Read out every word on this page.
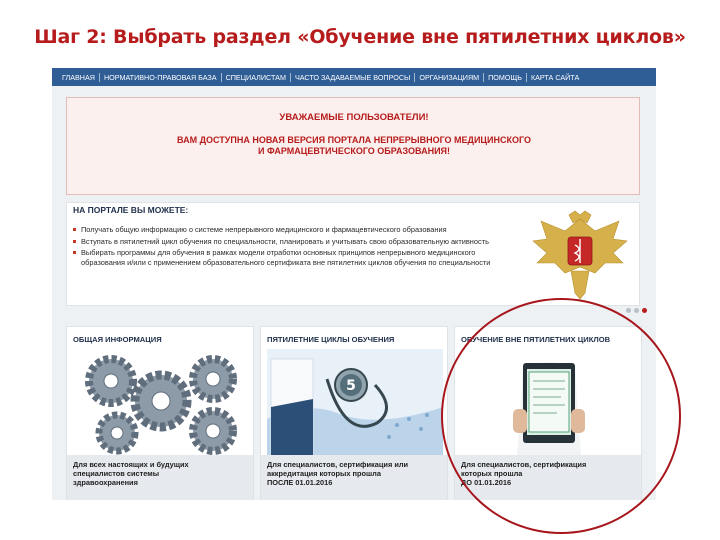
Шаг 2: Выбрать раздел «Обучение вне пятилетних циклов»
ГЛАВНАЯ	НОРМАТИВНО-ПРАВОВАЯ БАЗА	СПЕЦИАЛИСТАМ	ЧАСТО ЗАДАВАЕМЫЕ ВОПРОСЫ	ОРГАНИЗАЦИЯМ	ПОМОЩЬ	КАРТА САЙТА
УВАЖАЕМЫЕ ПОЛЬЗОВАТЕЛИ!
ВАМ ДОСТУПНА НОВАЯ ВЕРСИЯ ПОРТАЛА НЕПРЕРЫВНОГО МЕДИЦИНСКОГО
И ФАРМАЦЕВТИЧЕСКОГО ОБРАЗОВАНИЯ!
НА ПОРТАЛЕ ВЫ МОЖЕТЕ:
Получать общую информацию о системе непрерывного медицинского и фармацевтического образования
Вступать в пятилетний цикл обучения по специальности, планировать и учитывать свою образовательную активность
Выбирать программы для обучения в рамках модели отработки основных принципов непрерывного медицинского образования и/или с применением образовательного сертификата вне пятилетних циклов обучения по специальности
ОБЩАЯ ИНФОРМАЦИЯ
Для всех настоящих и будущих
специалистов системы
здравоохранения
ПЯТИЛЕТНИЕ ЦИКЛЫ ОБУЧЕНИЯ
5
Для специалистов, сертификация или
аккредитация которых прошла
ПОСЛЕ 01.01.2016
ОБУЧЕНИЕ ВНЕ ПЯТИЛЕТНИХ ЦИКЛОВ
Для специалистов, сертификация
которых прошла
ДО 01.01.2016
